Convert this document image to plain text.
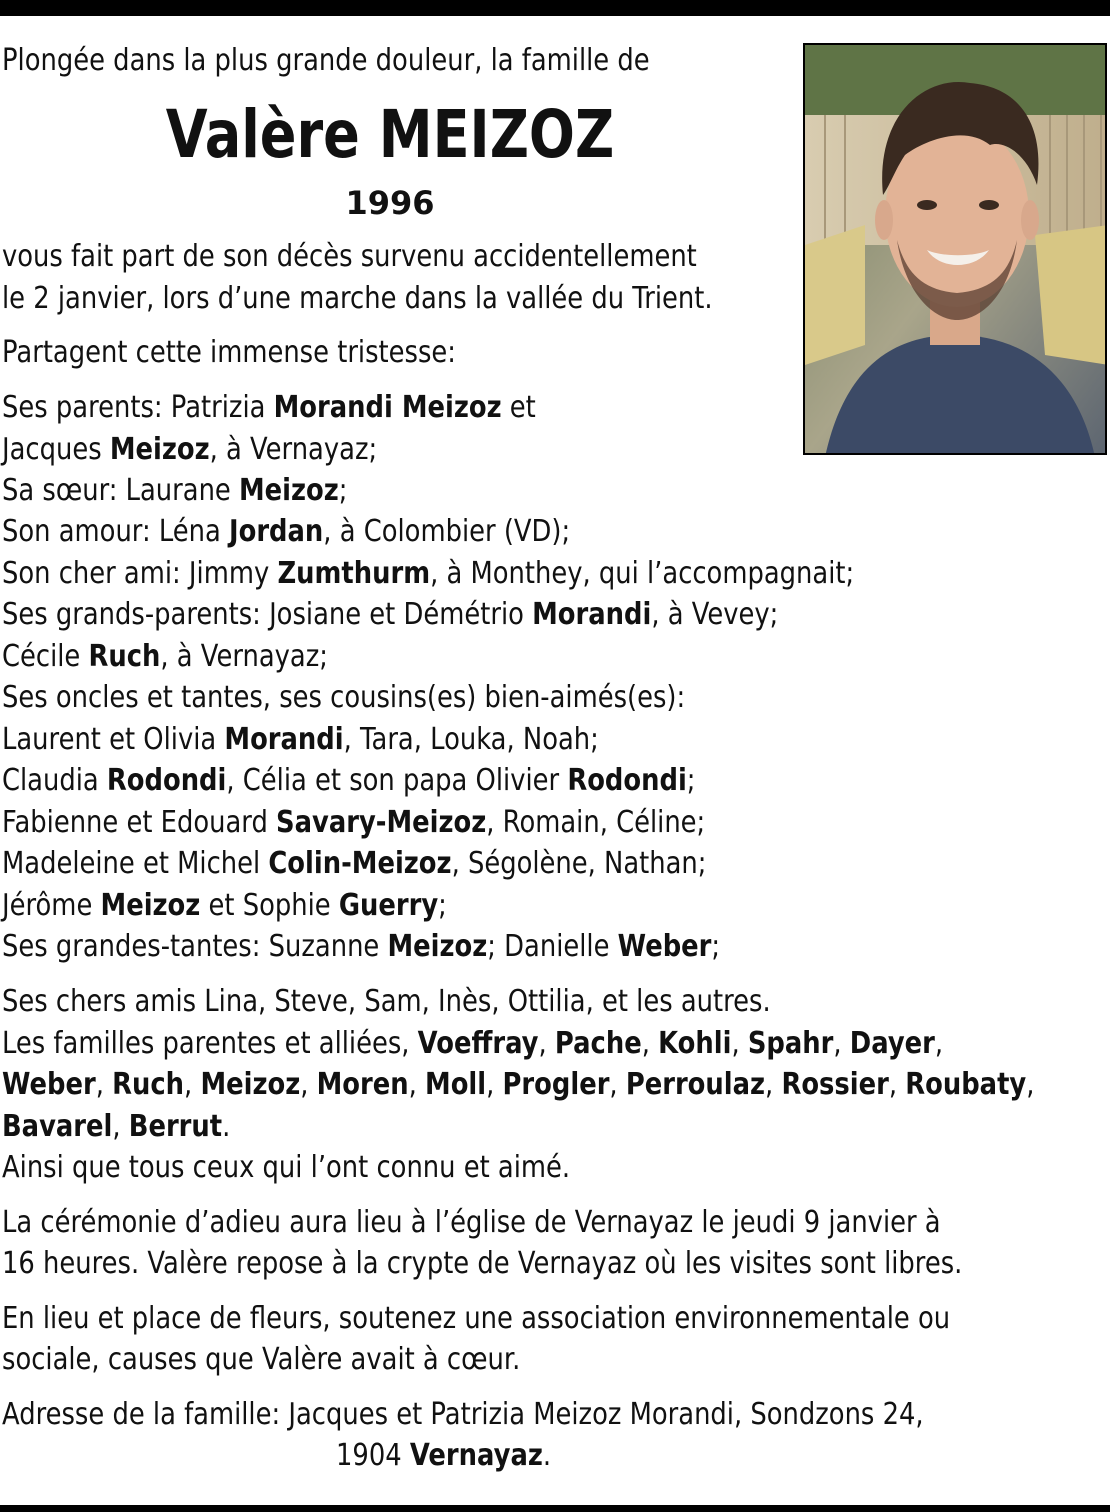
Plongée dans la plus grande douleur, la famille de
Valère MEIZOZ
1996
vous fait part de son décès survenu accidentellement
le 2 janvier, lors d’une marche dans la vallée du Trient.
Partagent cette immense tristesse:
Ses parents: Patrizia Morandi Meizoz et
Jacques Meizoz, à Vernayaz;
Sa sœur: Laurane Meizoz;
Son amour: Léna Jordan, à Colombier (VD);
Son cher ami: Jimmy Zumthurm, à Monthey, qui l’accompagnait;
Ses grands-parents: Josiane et Démétrio Morandi, à Vevey;
Cécile Ruch, à Vernayaz;
Ses oncles et tantes, ses cousins(es) bien-aimés(es):
Laurent et Olivia Morandi, Tara, Louka, Noah;
Claudia Rodondi, Célia et son papa Olivier Rodondi;
Fabienne et Edouard Savary-Meizoz, Romain, Céline;
Madeleine et Michel Colin-Meizoz, Ségolène, Nathan;
Jérôme Meizoz et Sophie Guerry;
Ses grandes-tantes: Suzanne Meizoz; Danielle Weber;
Ses chers amis Lina, Steve, Sam, Inès, Ottilia, et les autres.
Les familles parentes et alliées, Voeffray, Pache, Kohli, Spahr, Dayer,
Weber, Ruch, Meizoz, Moren, Moll, Progler, Perroulaz, Rossier, Roubaty,
Bavarel, Berrut.
Ainsi que tous ceux qui l’ont connu et aimé.
La cérémonie d’adieu aura lieu à l’église de Vernayaz le jeudi 9 janvier à
16 heures. Valère repose à la crypte de Vernayaz où les visites sont libres.
En lieu et place de fleurs, soutenez une association environnementale ou
sociale, causes que Valère avait à cœur.
Adresse de la famille: Jacques et Patrizia Meizoz Morandi, Sondzons 24,
1904 Vernayaz.
